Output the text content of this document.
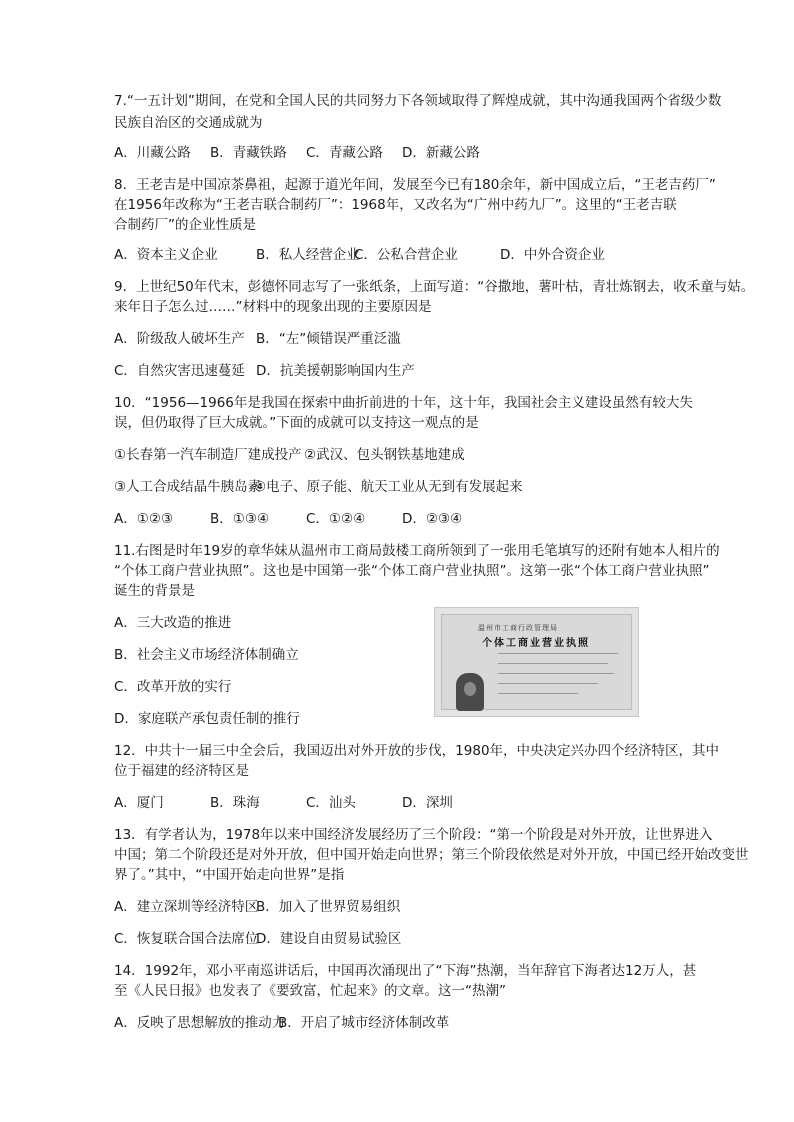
7.“一五计划”期间，在党和全国人民的共同努力下各领域取得了辉煌成就，其中沟通我国两个省级少数
民族自治区的交通成就为
A．川藏公路 B．青藏铁路 C．青藏公路 D．新藏公路
8．王老吉是中国凉茶鼻祖，起源于道光年间，发展至今已有180余年，新中国成立后，“王老吉药厂”
在1956年改称为“王老吉联合制药厂”：1968年，又改名为“广州中药九厂”。这里的“王老吉联
合制药厂”的企业性质是
A．资本主义企业	B．私人经营企业C．公私合营企业	D．中外合资企业
9．上世纪50年代末，彭德怀同志写了一张纸条，上面写道：“谷撒地，薯叶枯，青壮炼钢去，收禾童与姑。
来年日子怎么过……”材料中的现象出现的主要原因是
A．阶级敌人破坏生产 B．“左”倾错误严重泛滥
C．自然灾害迅速蔓延 D．抗美援朝影响国内生产
10．“1956—1966年是我国在探索中曲折前进的十年，这十年，我国社会主义建设虽然有较大失
误，但仍取得了巨大成就。”下面的成就可以支持这一观点的是
①长春第一汽车制造厂建成投产 ②武汉、包头钢铁基地建成
③人工合成结晶牛胰岛素④电子、原子能、航天工业从无到有发展起来
A．①②③	B．①③④	C．①②④	D．②③④
11.右图是时年19岁的章华妹从温州市工商局鼓楼工商所领到了一张用毛笔填写的还附有她本人相片的
“个体工商户营业执照”。这也是中国第一张“个体工商户营业执照”。这第一张“个体工商户营业执照”
诞生的背景是
A．三大改造的推进
B．社会主义市场经济体制确立
C．改革开放的实行
D．家庭联产承包责任制的推行
温州市工商行政管理局
个体工商业营业执照
12．中共十一届三中全会后，我国迈出对外开放的步伐，1980年，中央决定兴办四个经济特区，其中
位于福建的经济特区是
A．厦门	B．珠海	C．汕头	D．深圳
13．有学者认为，1978年以来中国经济发展经历了三个阶段：“第一个阶段是对外开放，让世界进入
中国；第二个阶段还是对外开放，但中国开始走向世界；第三个阶段依然是对外开放，中国已经开始改变世
界了。”其中，“中国开始走向世界”是指
A．建立深圳等经济特区B．加入了世界贸易组织
C．恢复联合国合法席位D．建设自由贸易试验区
14．1992年，邓小平南巡讲话后，中国再次涌现出了“下海”热潮，当年辞官下海者达12万人，甚
至《人民日报》也发表了《要致富，忙起来》的文章。这一“热潮”
A．反映了思想解放的推动力B．开启了城市经济体制改革
